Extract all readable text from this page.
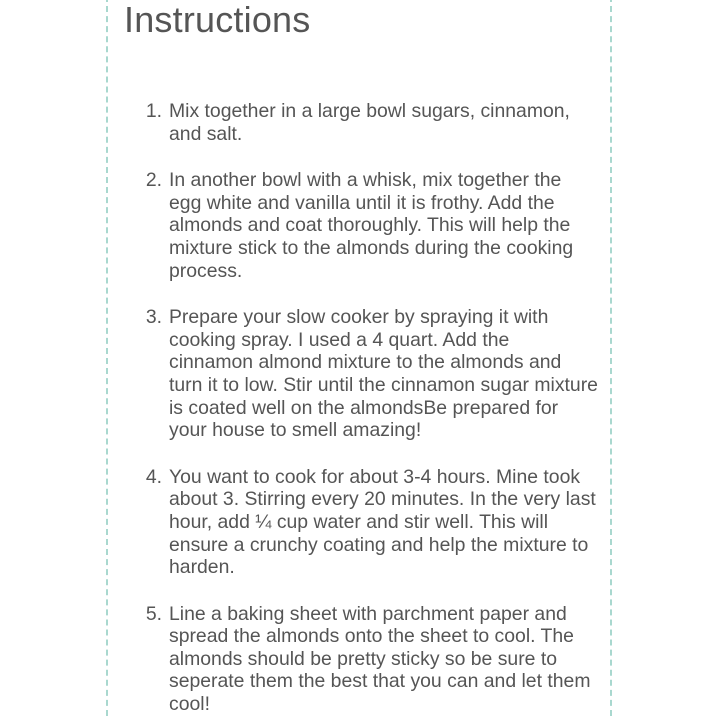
Instructions
1. Mix together in a large bowl sugars, cinnamon, and salt.
2. In another bowl with a whisk, mix together the egg white and vanilla until it is frothy. Add the almonds and coat thoroughly. This will help the mixture stick to the almonds during the cooking process.
3. Prepare your slow cooker by spraying it with cooking spray. I used a 4 quart. Add the cinnamon almond mixture to the almonds and turn it to low. Stir until the cinnamon sugar mixture is coated well on the almondsBe prepared for your house to smell amazing!
4. You want to cook for about 3-4 hours. Mine took about 3. Stirring every 20 minutes. In the very last hour, add ¼ cup water and stir well. This will ensure a crunchy coating and help the mixture to harden.
5. Line a baking sheet with parchment paper and spread the almonds onto the sheet to cool. The almonds should be pretty sticky so be sure to seperate them the best that you can and let them cool!
